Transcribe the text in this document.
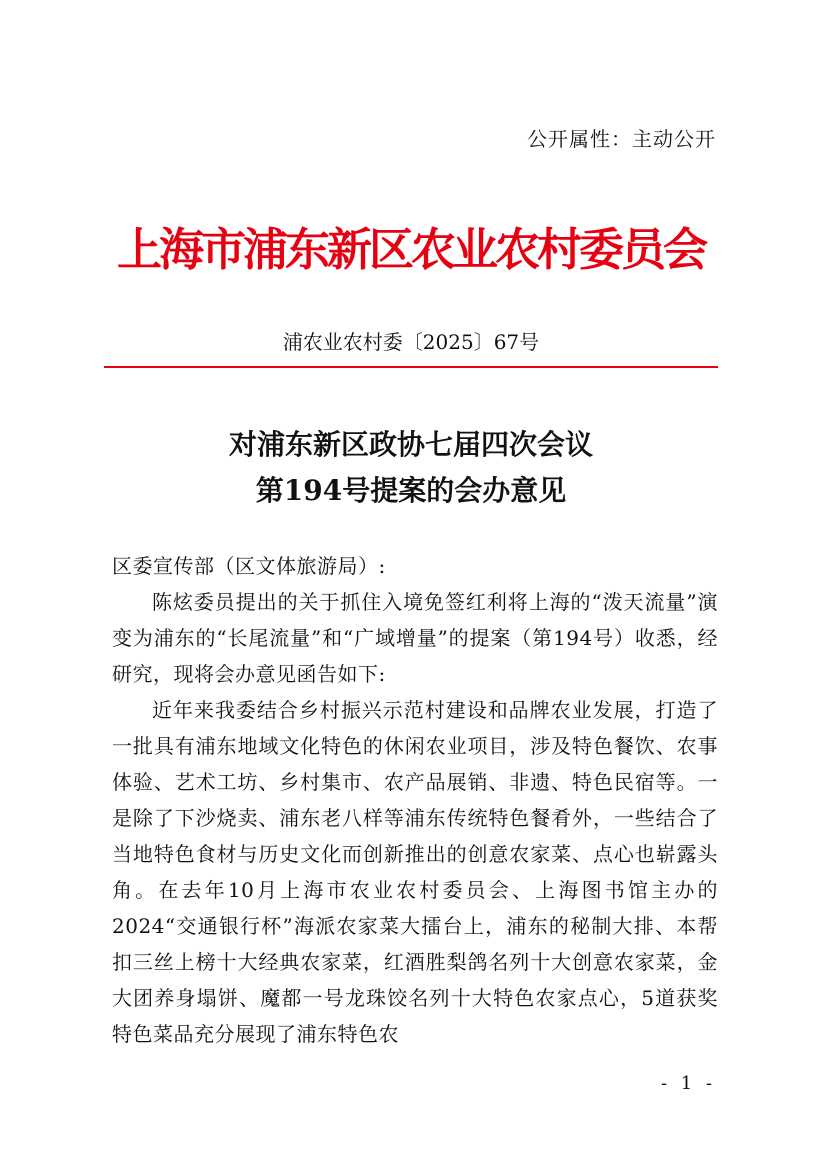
公开属性：主动公开
上海市浦东新区农业农村委员会
浦农业农村委〔2025〕67号
对浦东新区政协七届四次会议
第194号提案的会办意见

区委宣传部（区文体旅游局）:

陈炫委员提出的关于抓住入境免签红利将上海的“泼天流量”演变为浦东的“长尾流量”和“广域增量”的提案（第194号）收悉，经研究，现将会办意见函告如下:

近年来我委结合乡村振兴示范村建设和品牌农业发展，打造了一批具有浦东地域文化特色的休闲农业项目，涉及特色餐饮、农事体验、艺术工坊、乡村集市、农产品展销、非遗、特色民宿等。一是除了下沙烧卖、浦东老八样等浦东传统特色餐肴外，一些结合了当地特色食材与历史文化而创新推出的创意农家菜、点心也崭露头角。在去年10月上海市农业农村委员会、上海图书馆主办的2024“交通银行杯”海派农家菜大擂台上，浦东的秘制大排、本帮扣三丝上榜十大经典农家菜，红酒胜梨鸽名列十大创意农家菜，金大团养身塌饼、魔都一号龙珠饺名列十大特色农家点心，5道获奖特色菜品充分展现了浦东特色农

- 1 -
